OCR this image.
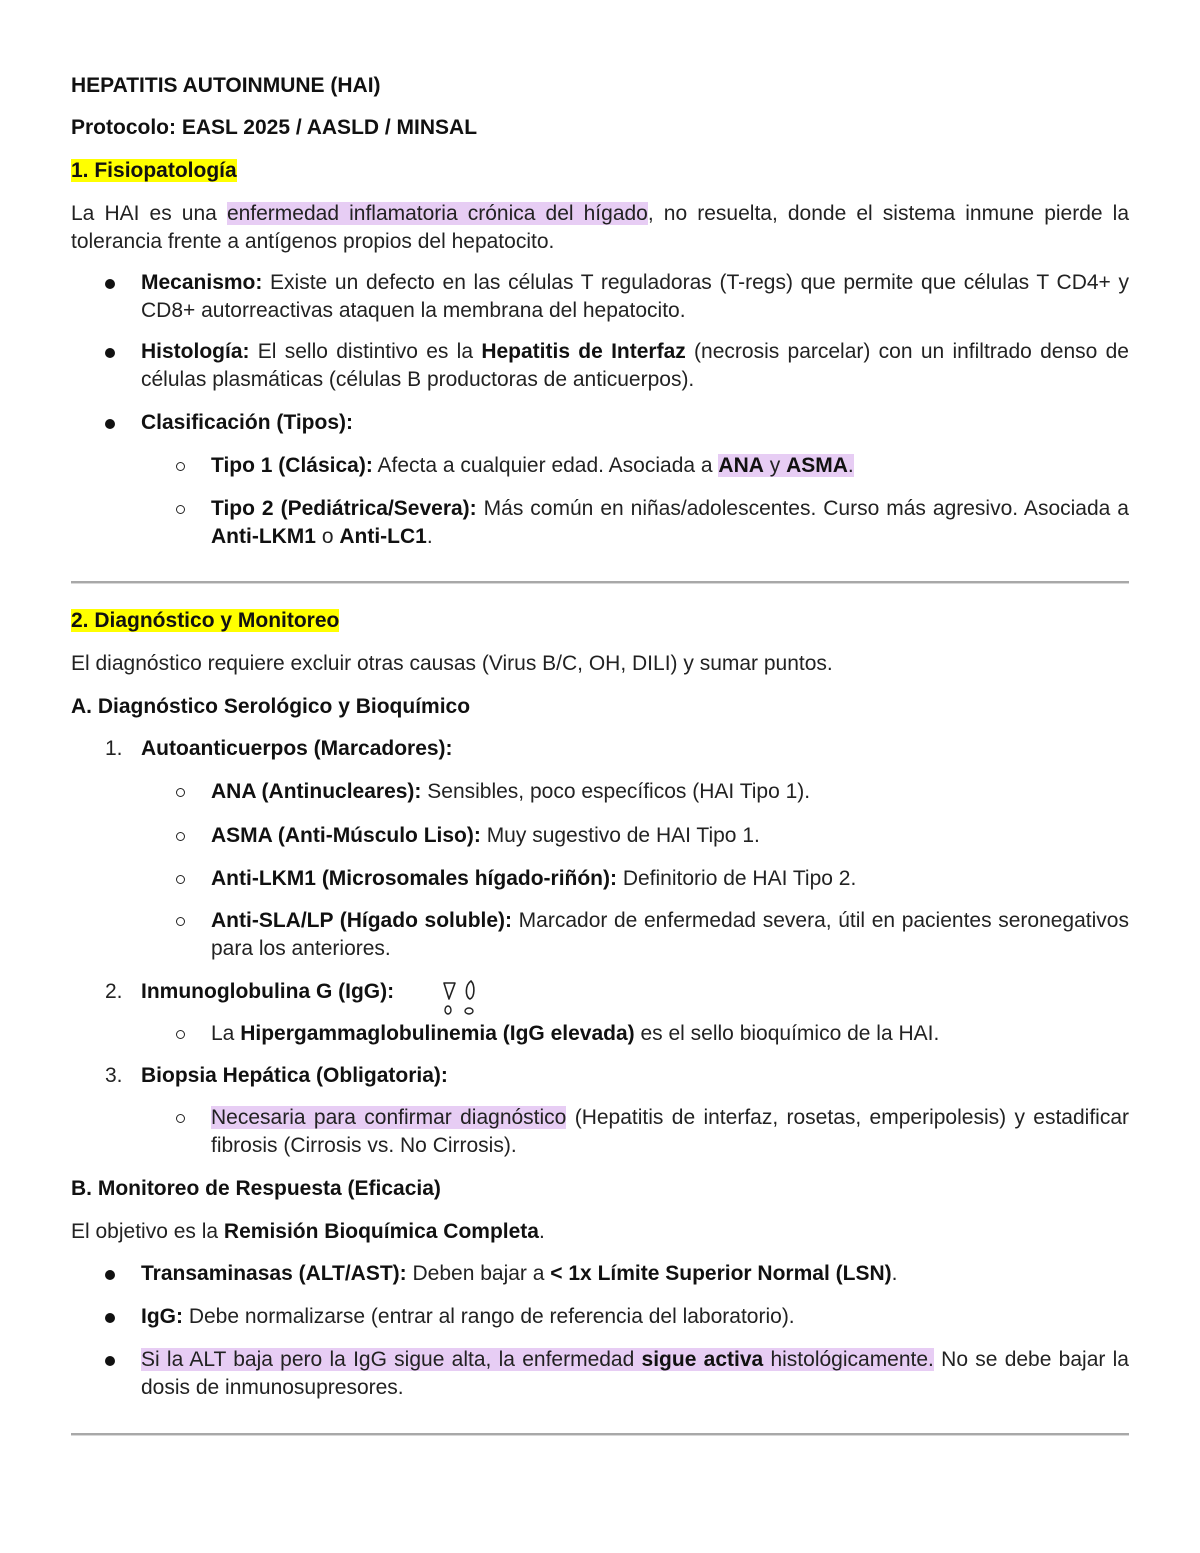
HEPATITIS AUTOINMUNE (HAI)
Protocolo: EASL 2025 / AASLD / MINSAL
1. Fisiopatología
La HAI es una enfermedad inflamatoria crónica del hígado, no resuelta, donde el sistema inmune pierde la tolerancia frente a antígenos propios del hepatocito.
Mecanismo: Existe un defecto en las células T reguladoras (T-regs) que permite que células T CD4+ y CD8+ autorreactivas ataquen la membrana del hepatocito.
Histología: El sello distintivo es la Hepatitis de Interfaz (necrosis parcelar) con un infiltrado denso de células plasmáticas (células B productoras de anticuerpos).
Clasificación (Tipos):
Tipo 1 (Clásica): Afecta a cualquier edad. Asociada a ANA y ASMA.
Tipo 2 (Pediátrica/Severa): Más común en niñas/adolescentes. Curso más agresivo. Asociada a Anti-LKM1 o Anti-LC1.
2. Diagnóstico y Monitoreo
El diagnóstico requiere excluir otras causas (Virus B/C, OH, DILI) y sumar puntos.
A. Diagnóstico Serológico y Bioquímico
1. Autoanticuerpos (Marcadores):
ANA (Antinucleares): Sensibles, poco específicos (HAI Tipo 1).
ASMA (Anti-Músculo Liso): Muy sugestivo de HAI Tipo 1.
Anti-LKM1 (Microsomales hígado-riñón): Definitorio de HAI Tipo 2.
Anti-SLA/LP (Hígado soluble): Marcador de enfermedad severa, útil en pacientes seronegativos para los anteriores.
2. Inmunoglobulina G (IgG):
La Hipergammaglobulinemia (IgG elevada) es el sello bioquímico de la HAI.
3. Biopsia Hepática (Obligatoria):
Necesaria para confirmar diagnóstico (Hepatitis de interfaz, rosetas, emperipolesis) y estadificar fibrosis (Cirrosis vs. No Cirrosis).
B. Monitoreo de Respuesta (Eficacia)
El objetivo es la Remisión Bioquímica Completa.
Transaminasas (ALT/AST): Deben bajar a < 1x Límite Superior Normal (LSN).
IgG: Debe normalizarse (entrar al rango de referencia del laboratorio).
Si la ALT baja pero la IgG sigue alta, la enfermedad sigue activa histológicamente. No se debe bajar la dosis de inmunosupresores.
